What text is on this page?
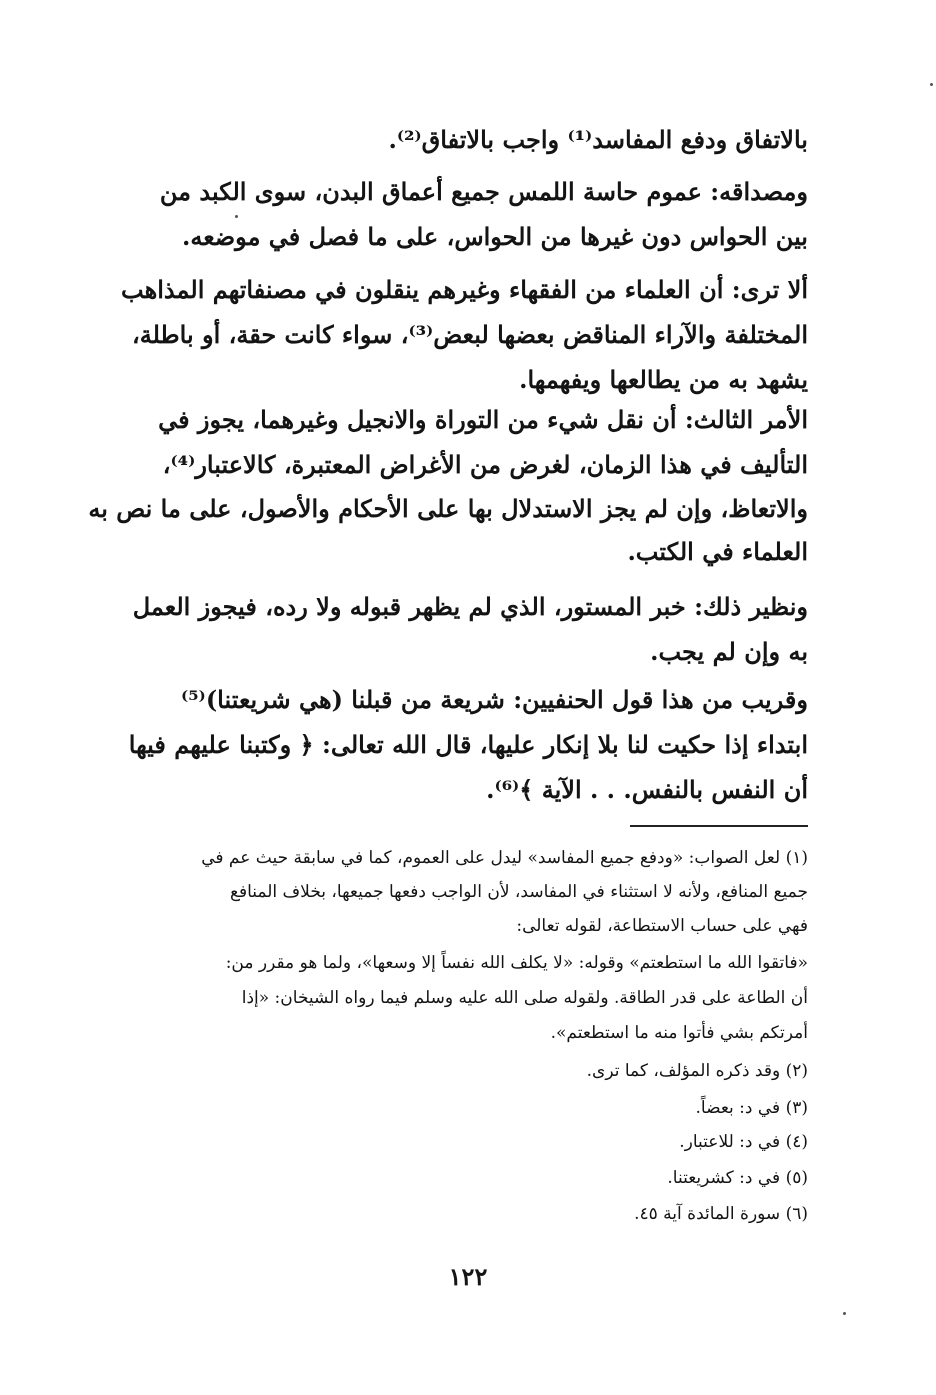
بالاتفاق ودفع المفاسد⁽¹⁾ واجب بالاتفاق⁽²⁾.
ومصداقه: عموم حاسة اللمس جميع أعماق البدن، سوى الكبد من
بين الحواس دون غيرها من الحواس، على ما فصل في موضعه.
ألا ترى: أن العلماء من الفقهاء وغيرهم ينقلون في مصنفاتهم المذاهب
المختلفة والآراء المناقض بعضها لبعض⁽³⁾، سواء كانت حقة، أو باطلة،
يشهد به من يطالعها ويفهمها.
الأمر الثالث: أن نقل شيء من التوراة والانجيل وغيرهما، يجوز في
التأليف في هذا الزمان، لغرض من الأغراض المعتبرة، كالاعتبار⁽⁴⁾،
والاتعاظ، وإن لم يجز الاستدلال بها على الأحكام والأصول، على ما نص به
العلماء في الكتب.
ونظير ذلك: خبر المستور، الذي لم يظهر قبوله ولا رده، فيجوز العمل
به وإن لم يجب.
وقريب من هذا قول الحنفيين: شريعة من قبلنا (هي شريعتنا)⁽⁵⁾
ابتداء إذا حكيت لنا بلا إنكار عليها، قال الله تعالى: ﴿ وكتبنا عليهم فيها
أن النفس بالنفس. . . الآية ﴾⁽⁶⁾.
(١) لعل الصواب: «ودفع جميع المفاسد» ليدل على العموم، كما في سابقة حيث عم في
جميع المنافع، ولأنه لا استثناء في المفاسد، لأن الواجب دفعها جميعها، بخلاف المنافع
فهي على حساب الاستطاعة، لقوله تعالى:
«فاتقوا الله ما استطعتم» وقوله: «لا يكلف الله نفساً إلا وسعها»، ولما هو مقرر من:
أن الطاعة على قدر الطاقة. ولقوله صلى الله عليه وسلم فيما رواه الشيخان: «إذا
أمرتكم بشي فأتوا منه ما استطعتم».
(٢) وقد ذكره المؤلف، كما ترى.
(٣) في د: بعضاً.
(٤) في د: للاعتبار.
(٥) في د: كشريعتنا.
(٦) سورة المائدة آية ٤٥.
١٢٢
